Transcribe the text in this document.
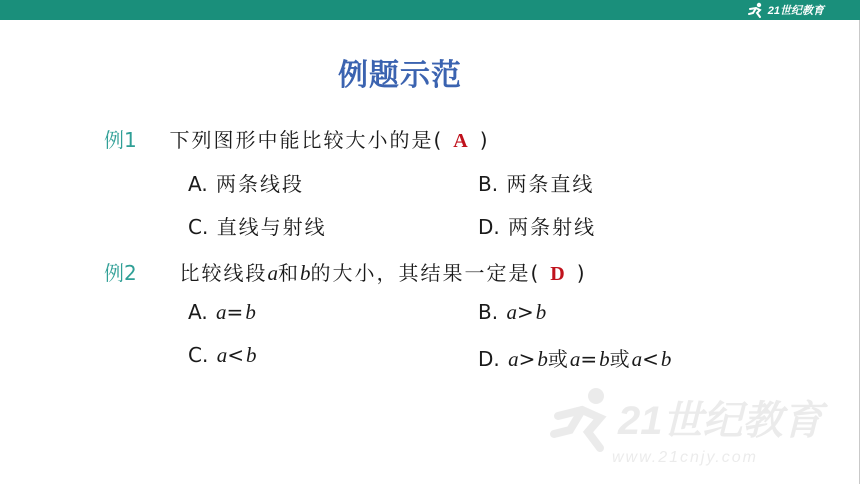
21世纪教育
例题示范
例1 下列图形中能比较大小的是( A )
A. 两条线段	B. 两条直线
C. 直线与射线	D. 两条射线
例2 比较线段a和b的大小，其结果一定是( D )
A. a=b	B. a>b
C. a<b	D. a>b或a=b或a<b
21世纪教育
www.21cnjy.com
